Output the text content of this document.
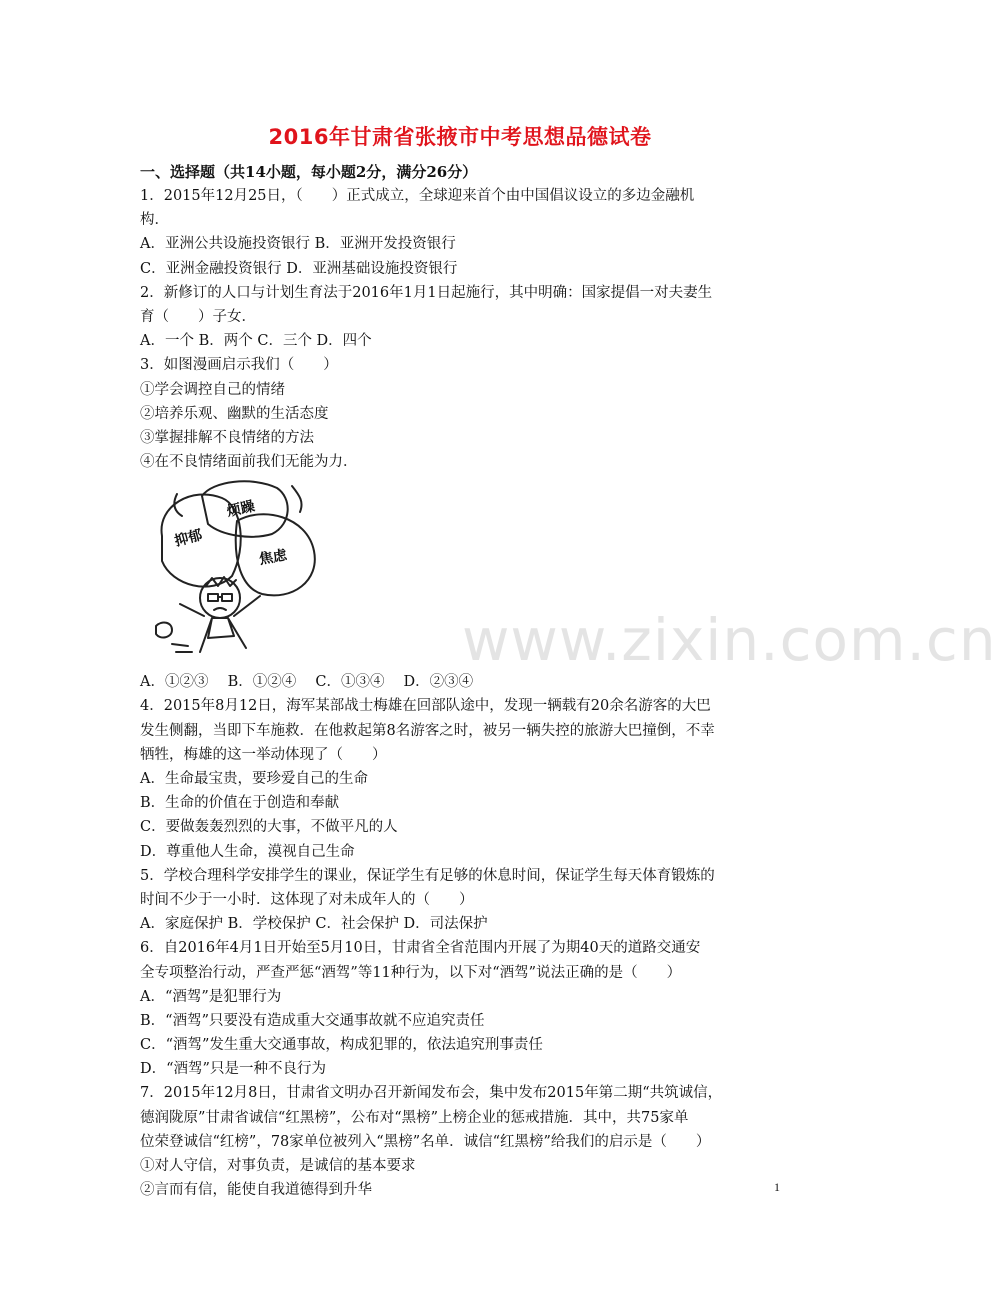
2016年甘肃省张掖市中考思想品德试卷
www.zixin.com.cn
一、选择题（共14小题，每小题2分，满分26分）
1．2015年12月25日，（　　）正式成立，全球迎来首个由中国倡议设立的多边金融机
构．
A．亚洲公共设施投资银行 B．亚洲开发投资银行
C．亚洲金融投资银行 D．亚洲基础设施投资银行
2．新修订的人口与计划生育法于2016年1月1日起施行，其中明确：国家提倡一对夫妻生
育（　　）子女．
A．一个 B．两个 C．三个 D．四个
3．如图漫画启示我们（　　）
①学会调控自己的情绪
②培养乐观、幽默的生活态度
③掌握排解不良情绪的方法
④在不良情绪面前我们无能为力．
抑郁
烦躁
焦虑
A．①②③　 B．①②④　 C．①③④　 D．②③④
4．2015年8月12日，海军某部战士梅雄在回部队途中，发现一辆载有20余名游客的大巴
发生侧翻，当即下车施救．在他救起第8名游客之时，被另一辆失控的旅游大巴撞倒，不幸
牺牲，梅雄的这一举动体现了（　　）
A．生命最宝贵，要珍爱自己的生命
B．生命的价值在于创造和奉献
C．要做轰轰烈烈的大事，不做平凡的人
D．尊重他人生命，漠视自己生命
5．学校合理科学安排学生的课业，保证学生有足够的休息时间，保证学生每天体育锻炼的
时间不少于一小时．这体现了对未成年人的（　　）
A．家庭保护 B．学校保护 C．社会保护 D．司法保护
6．自2016年4月1日开始至5月10日，甘肃省全省范围内开展了为期40天的道路交通安
全专项整治行动，严查严惩“酒驾”等11种行为，以下对“酒驾”说法正确的是（　　）
A．“酒驾”是犯罪行为
B．“酒驾”只要没有造成重大交通事故就不应追究责任
C．“酒驾”发生重大交通事故，构成犯罪的，依法追究刑事责任
D．“酒驾”只是一种不良行为
7．2015年12月8日，甘肃省文明办召开新闻发布会，集中发布2015年第二期“共筑诚信，
德润陇原”甘肃省诚信“红黑榜”，公布对“黑榜”上榜企业的惩戒措施．其中，共75家单
位荣登诚信“红榜”，78家单位被列入“黑榜”名单．诚信“红黑榜”给我们的启示是（　　）
①对人守信，对事负责，是诚信的基本要求
②言而有信，能使自我道德得到升华	1
